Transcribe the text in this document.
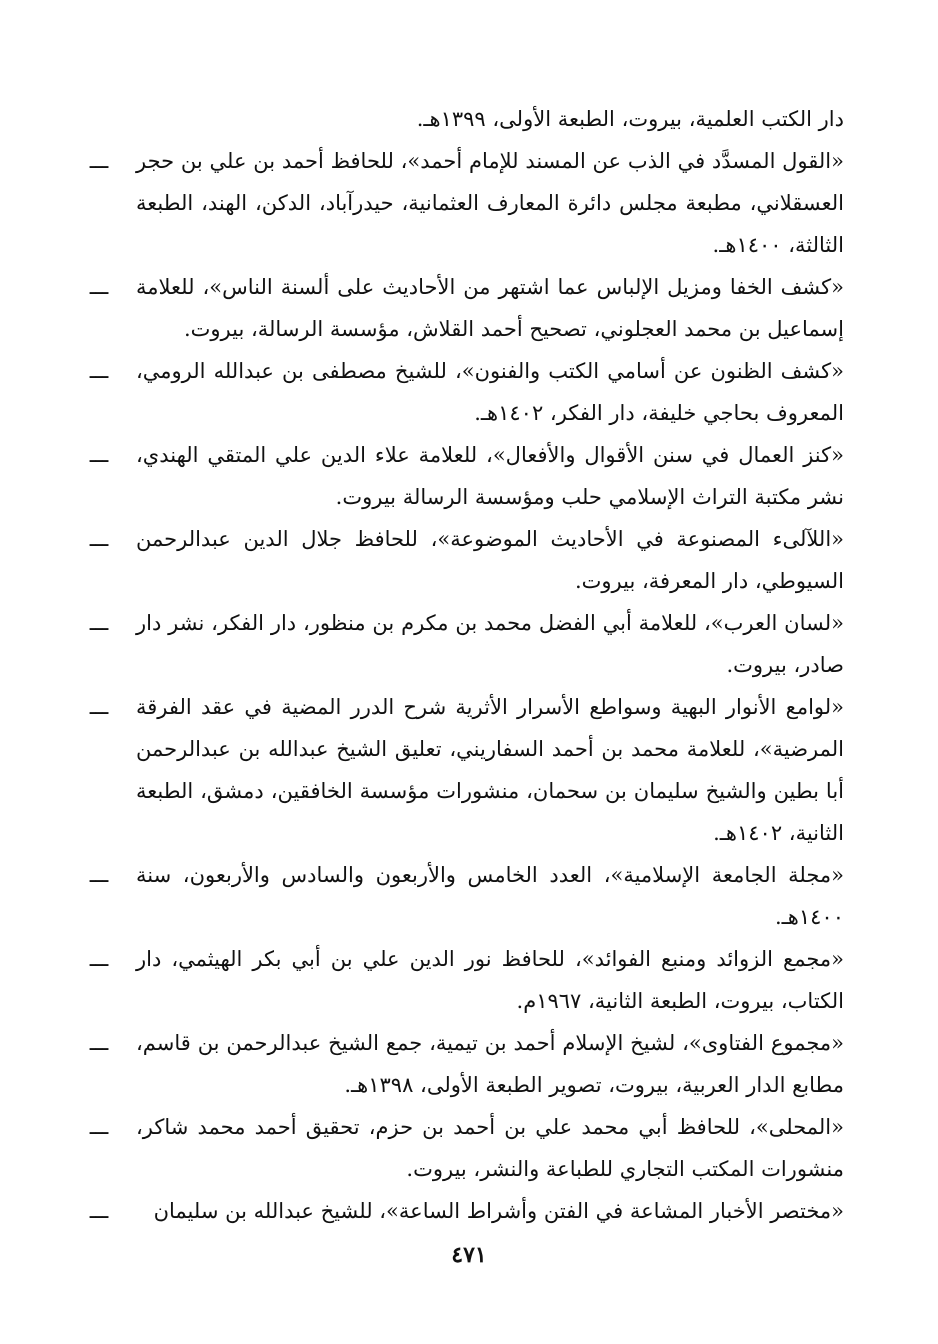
دار الكتب العلمية، بيروت، الطبعة الأولى، ١٣٩٩هـ.

ـــ «القول المسدَّد في الذب عن المسند للإمام أحمد»، للحافظ أحمد بن علي بن حجر العسقلاني، مطبعة مجلس دائرة المعارف العثمانية، حيدرآباد، الدكن، الهند، الطبعة الثالثة، ١٤٠٠هـ.
ـــ «كشف الخفا ومزيل الإلباس عما اشتهر من الأحاديث على ألسنة الناس»، للعلامة إسماعيل بن محمد العجلوني، تصحيح أحمد القلاش، مؤسسة الرسالة، بيروت.
ـــ «كشف الظنون عن أسامي الكتب والفنون»، للشيخ مصطفى بن عبدالله الرومي، المعروف بحاجي خليفة، دار الفكر، ١٤٠٢هـ.
ـــ «كنز العمال في سنن الأقوال والأفعال»، للعلامة علاء الدين علي المتقي الهندي، نشر مكتبة التراث الإسلامي حلب ومؤسسة الرسالة بيروت.
ـــ «اللآلىء المصنوعة في الأحاديث الموضوعة»، للحافظ جلال الدين عبدالرحمن السيوطي، دار المعرفة، بيروت.
ـــ «لسان العرب»، للعلامة أبي الفضل محمد بن مكرم بن منظور، دار الفكر، نشر دار صادر، بيروت.
ـــ «لوامع الأنوار البهية وسواطع الأسرار الأثرية شرح الدرر المضية في عقد الفرقة المرضية»، للعلامة محمد بن أحمد السفاريني، تعليق الشيخ عبدالله بن عبدالرحمن أبا بطين والشيخ سليمان بن سحمان، منشورات مؤسسة الخافقين، دمشق، الطبعة الثانية، ١٤٠٢هـ.
ـــ «مجلة الجامعة الإسلامية»، العدد الخامس والأربعون والسادس والأربعون، سنة ١٤٠٠هـ.
ـــ «مجمع الزوائد ومنبع الفوائد»، للحافظ نور الدين علي بن أبي بكر الهيثمي، دار الكتاب، بيروت، الطبعة الثانية، ١٩٦٧م.
ـــ «مجموع الفتاوى»، لشيخ الإسلام أحمد بن تيمية، جمع الشيخ عبدالرحمن بن قاسم، مطابع الدار العربية، بيروت، تصوير الطبعة الأولى، ١٣٩٨هـ.
ـــ «المحلى»، للحافظ أبي محمد علي بن أحمد بن حزم، تحقيق أحمد محمد شاكر، منشورات المكتب التجاري للطباعة والنشر، بيروت.
ـــ «مختصر الأخبار المشاعة في الفتن وأشراط الساعة»، للشيخ عبدالله بن سليمان
٤٧١
